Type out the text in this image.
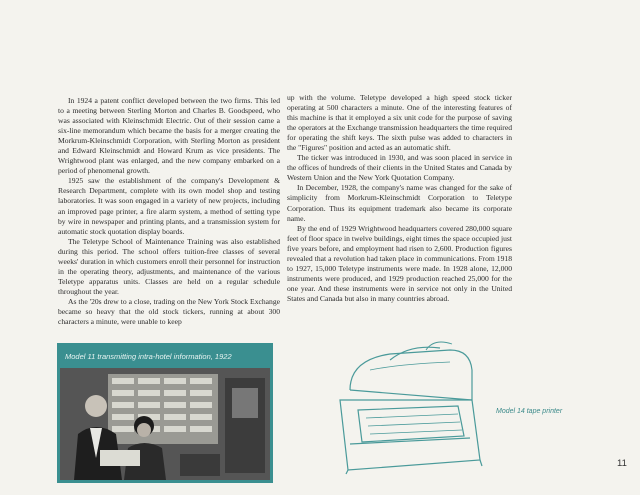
In 1924 a patent conflict developed between the two firms. This led to a meeting between Sterling Morton and Charles B. Goodspeed, who was associated with Kleinschmidt Electric. Out of their session came a six-line memorandum which became the basis for a merger creating the Morkrum-Kleinschmidt Corporation, with Sterling Morton as president and Edward Kleinschmidt and Howard Krum as vice presidents. The Wrightwood plant was enlarged, and the new company embarked on a period of phenomenal growth.

1925 saw the establishment of the company's Development & Research Department, complete with its own model shop and testing laboratories. It was soon engaged in a variety of new projects, including an improved page printer, a fire alarm system, a method of setting type by wire in newspaper and printing plants, and a transmission system for automatic stock quotation display boards.

The Teletype School of Maintenance Training was also established during this period. The school offers tuition-free classes of several weeks' duration in which customers enroll their personnel for instruction in the operating theory, adjustments, and maintenance of the various Teletype apparatus units. Classes are held on a regular schedule throughout the year.

As the '20s drew to a close, trading on the New York Stock Exchange became so heavy that the old stock tickers, running at about 300 characters a minute, were unable to keep

up with the volume. Teletype developed a high speed stock ticker operating at 500 characters a minute. One of the interesting features of this machine is that it employed a six unit code for the purpose of saving the operators at the Exchange transmission headquarters the time required for operating the shift keys. The sixth pulse was added to characters in the "Figures" position and acted as an automatic shift.

The ticker was introduced in 1930, and was soon placed in service in the offices of hundreds of their clients in the United States and Canada by Western Union and the New York Quotation Company.

In December, 1928, the company's name was changed for the sake of simplicity from Morkrum-Kleinschmidt Corporation to Teletype Corporation. Thus its equipment trademark also became its corporate name.

By the end of 1929 Wrightwood headquarters covered 280,000 square feet of floor space in twelve buildings, eight times the space occupied just five years before, and employment had risen to 2,600. Production figures revealed that a revolution had taken place in communications. From 1918 to 1927, 15,000 Teletype instruments were made. In 1928 alone, 12,000 instruments were produced, and 1929 production reached 25,000 for the one year. And these instruments were in service not only in the United States and Canada but also in many countries abroad.

Model 11 transmitting intra-hotel information, 1922
Model 14 tape printer
11
